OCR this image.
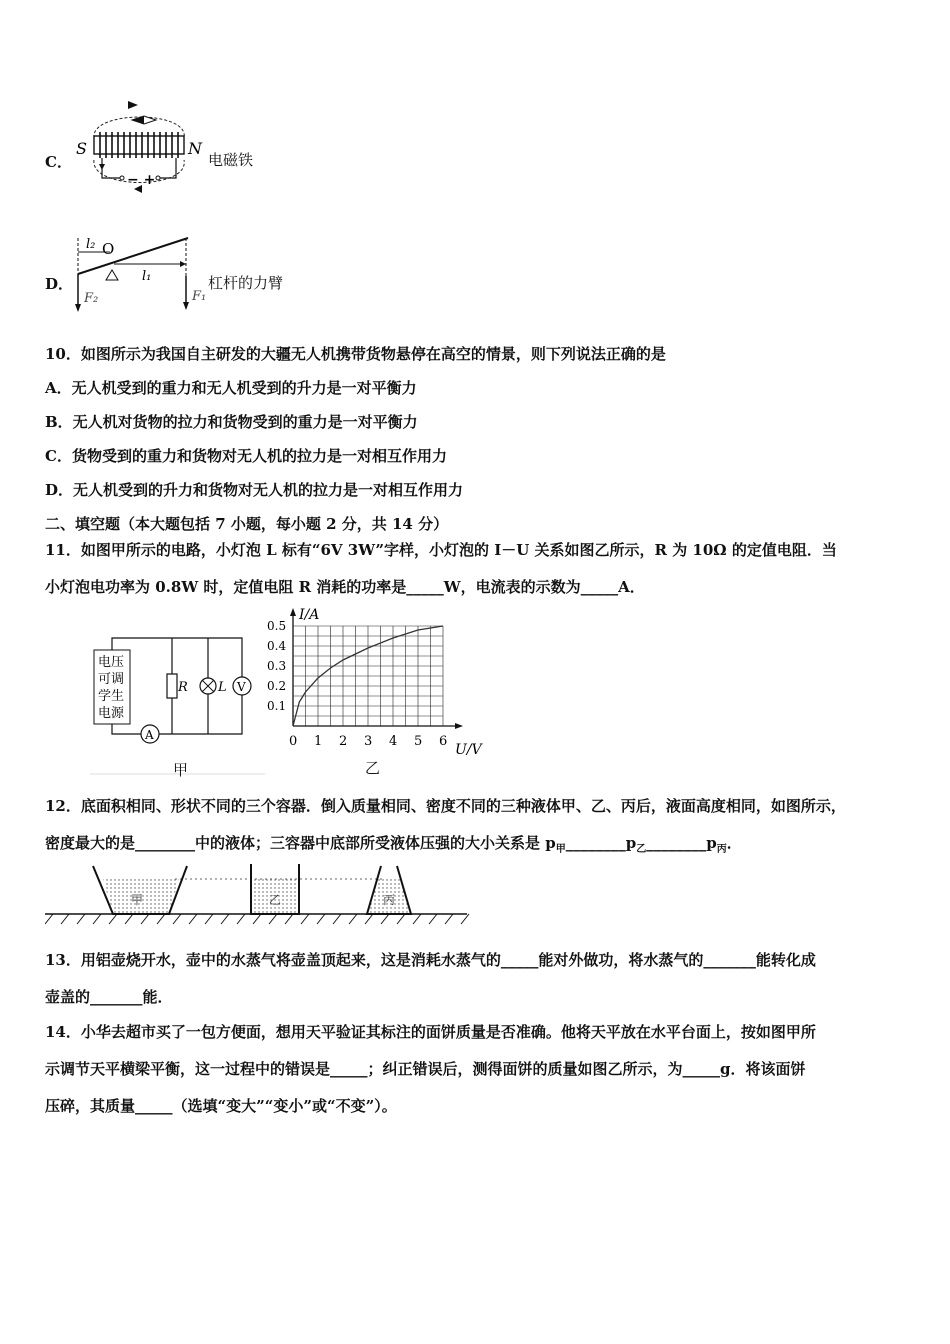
C．
− +
S	N
电磁铁
D．
O
l₂
l₁
F₂	F₁
杠杆的力臂
10．如图所示为我国自主研发的大疆无人机携带货物悬停在高空的情景，则下列说法正确的是
A．无人机受到的重力和无人机受到的升力是一对平衡力
B．无人机对货物的拉力和货物受到的重力是一对平衡力
C．货物受到的重力和货物对无人机的拉力是一对相互作用力
D．无人机受到的升力和货物对无人机的拉力是一对相互作用力
二、填空题（本大题包括 7 小题，每小题 2 分，共 14 分）
11．如图甲所示的电路，小灯泡 L 标有“6V 3W”字样，小灯泡的 I－U 关系如图乙所示，R 为 10Ω 的定值电阻．当
小灯泡电功率为 0.8W 时，定值电阻 R 消耗的功率是_____W，电流表的示数为_____A．
电压
可调
学生
电源
R L V
A
甲
0 1 2 3 4 5 6
0.1
0.2
0.3
0.4
0.5
I/A
U/V
乙
12．底面积相同、形状不同的三个容器．倒入质量相同、密度不同的三种液体甲、乙、丙后，液面高度相同，如图所示，
密度最大的是________中的液体；三容器中底部所受液体压强的大小关系是 $p_甲\_\_\_\_\_\_\_\_p_乙\_\_\_\_\_\_\_\_p_丙$．
甲	乙	丙
13．用铝壶烧开水，壶中的水蒸气将壶盖顶起来，这是消耗水蒸气的_____能对外做功，将水蒸气的_______能转化成
壶盖的_______能．
14．小华去超市买了一包方便面，想用天平验证其标注的面饼质量是否准确。他将天平放在水平台面上，按如图甲所
示调节天平横梁平衡，这一过程中的错误是_____；纠正错误后，测得面饼的质量如图乙所示，为_____g．将该面饼
压碎，其质量_____（选填“变大”“变小”或“不变”）。
